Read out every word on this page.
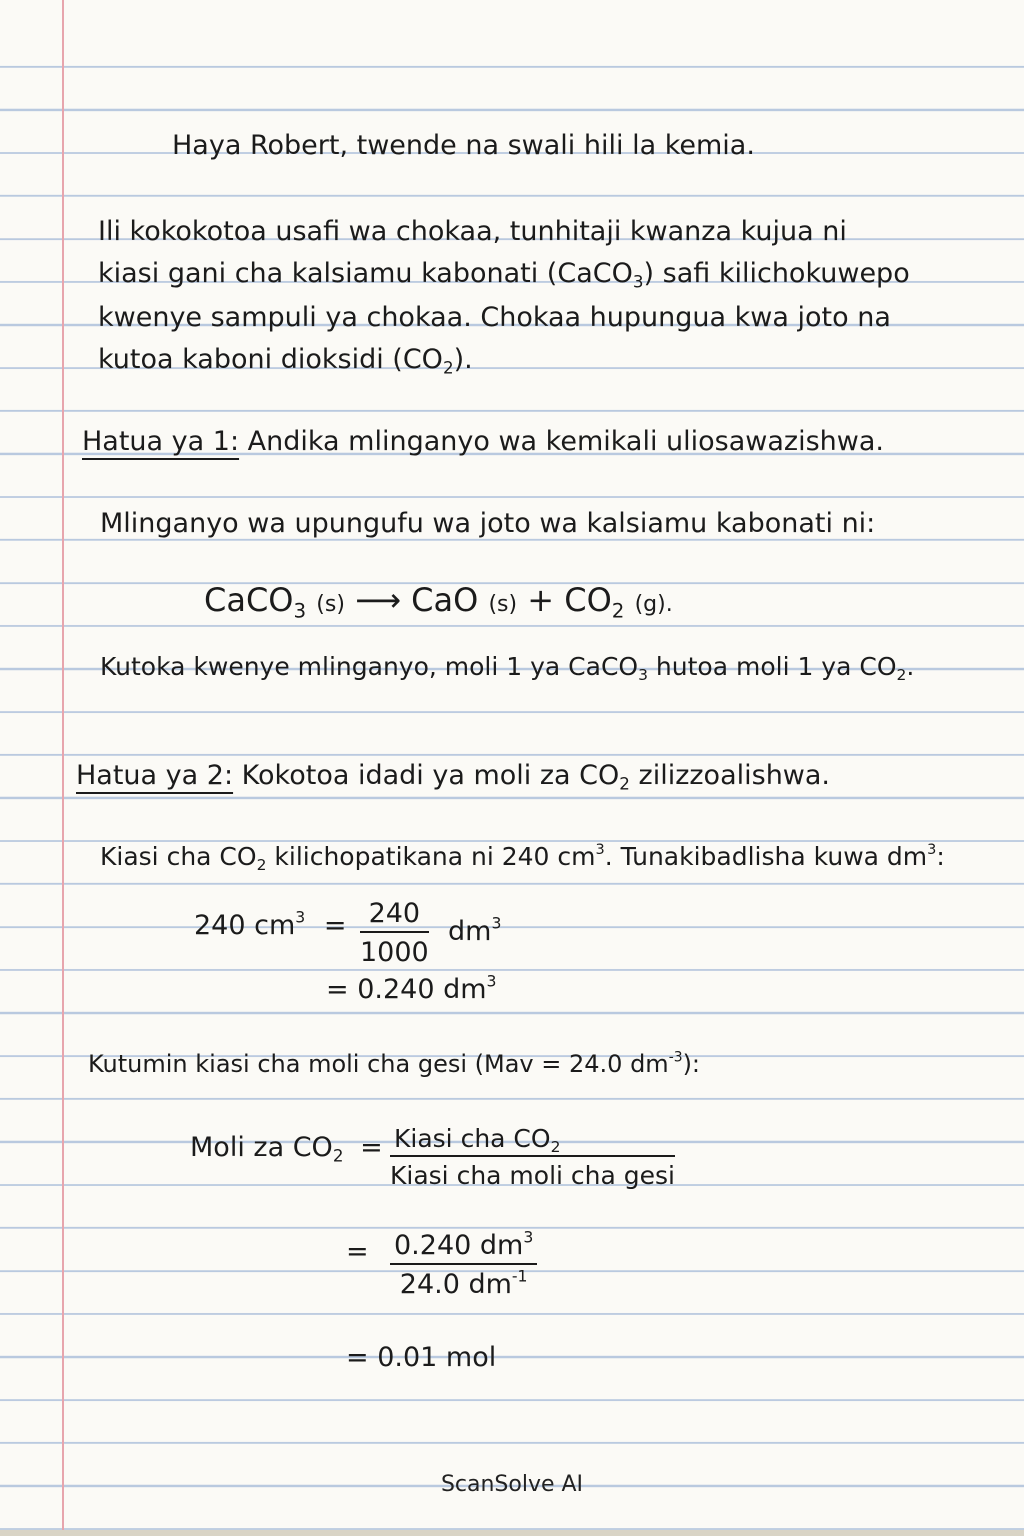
Haya Robert, twende na swali hili la kemia.

Ili kokokotoa usafi wa chokaa, tunhitaji kwanza kujua ni

kiasi gani cha kalsiamu kabonati (CaCO$_3$) safi kilichokuwepo

kwenye sampuli ya chokaa. Chokaa hupungua kwa joto na

kutoa kaboni dioksidi $(CO_2)$.

Hatua ya 1: Andika mlinganyo wa kemikali uliosawazishwa.

Mlinganyo wa upungufu wa joto wa kalsiamu kabonati ni:

CaCO$_3$ (s) ⟶ CaO $(s) + CO_2$ (g).

Kutoka kwenye mlinganyo, moli 1 ya CaCO$_3$ hutoa moli 1 ya $CO_2$.

Hatua ya 2: Kokotoa idadi ya moli za $CO_2$ zilizzoalishwa.

Kiasi cha $CO_2$ kilichopatikana ni 240 $cm^3$. Tunakibadlisha kuwa $dm^3$:

240 $cm^3 = \frac{240}{1000} dm^3$

= 0.240 $dm^3$

Kutumin kiasi cha moli cha gesi (Mav = 24.0 $dm^{-3}$):

Moli za $CO_2$ = Kiasi cha $CO_2$
Kiasi cha moli cha gesi

= $\frac{0.240 dm^3}{24.0 dm^{-1}}$

= 0.01 mol

ScanSolve AI
